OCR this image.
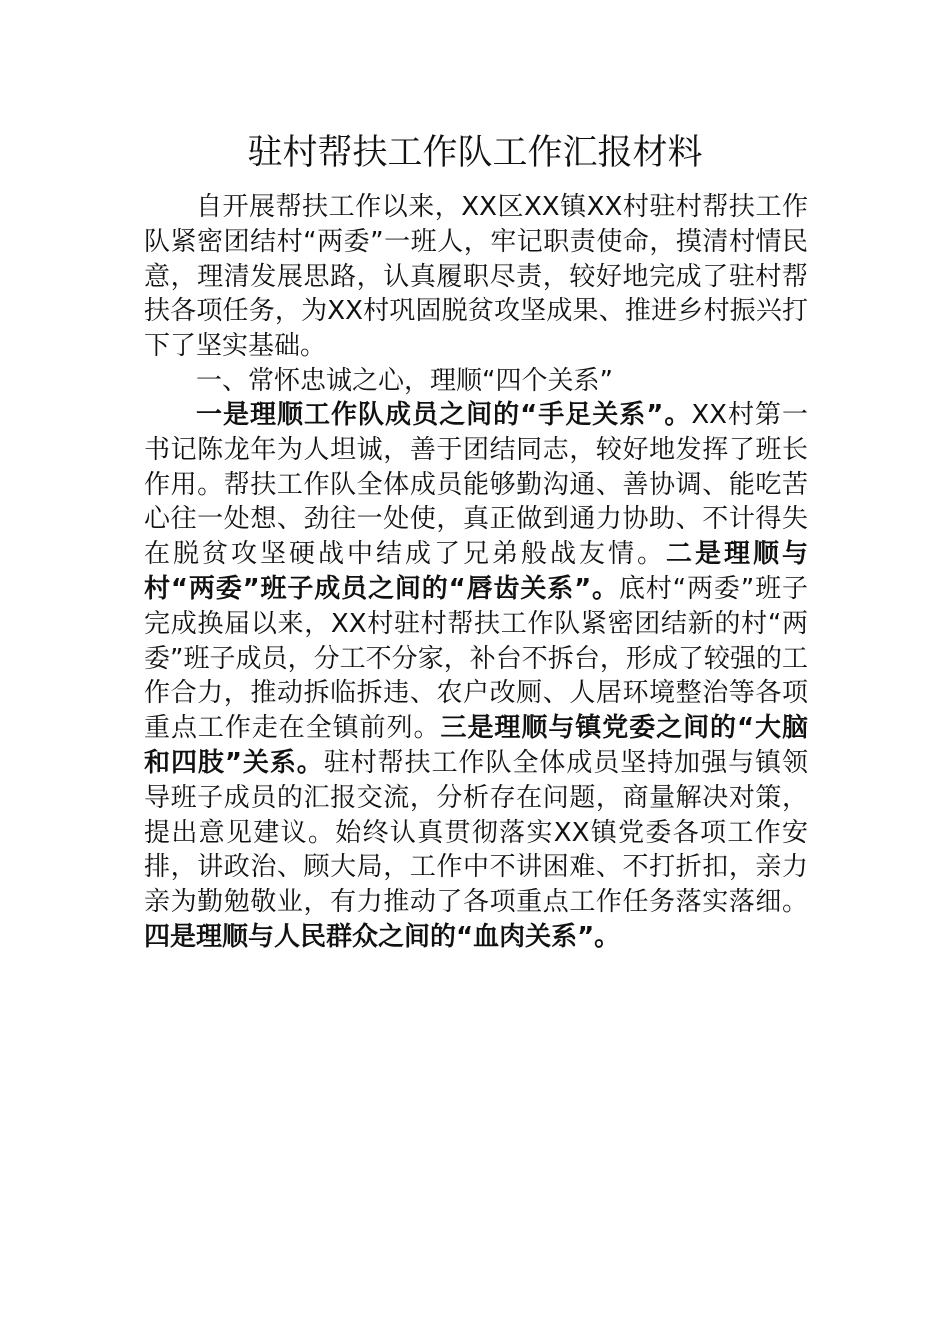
驻村帮扶工作队工作汇报材料

自开展帮扶工作以来，XX区XX镇XX村驻村帮扶工作队紧密团结村“两委”一班人，牢记职责使命，摸清村情民意，理清发展思路，认真履职尽责，较好地完成了驻村帮扶各项任务，为XX村巩固脱贫攻坚成果、推进乡村振兴打下了坚实基础。

一、常怀忠诚之心，理顺“四个关系”

一是理顺工作队成员之间的“手足关系”。XX村第一书记陈龙年为人坦诚，善于团结同志，较好地发挥了班长作用。帮扶工作队全体成员能够勤沟通、善协调、能吃苦心往一处想、劲往一处使，真正做到通力协助、不计得失在脱贫攻坚硬战中结成了兄弟般战友情。二是理顺与村“两委”班子成员之间的“唇齿关系”。底村“两委”班子完成换届以来，XX村驻村帮扶工作队紧密团结新的村“两委”班子成员，分工不分家，补台不拆台，形成了较强的工作合力，推动拆临拆违、农户改厕、人居环境整治等各项重点工作走在全镇前列。三是理顺与镇党委之间的“大脑和四肢”关系。驻村帮扶工作队全体成员坚持加强与镇领导班子成员的汇报交流，分析存在问题，商量解决对策，提出意见建议。始终认真贯彻落实XX镇党委各项工作安排，讲政治、顾大局，工作中不讲困难、不打折扣，亲力亲为勤勉敬业，有力推动了各项重点工作任务落实落细。四是理顺与人民群众之间的“血肉关系”。
